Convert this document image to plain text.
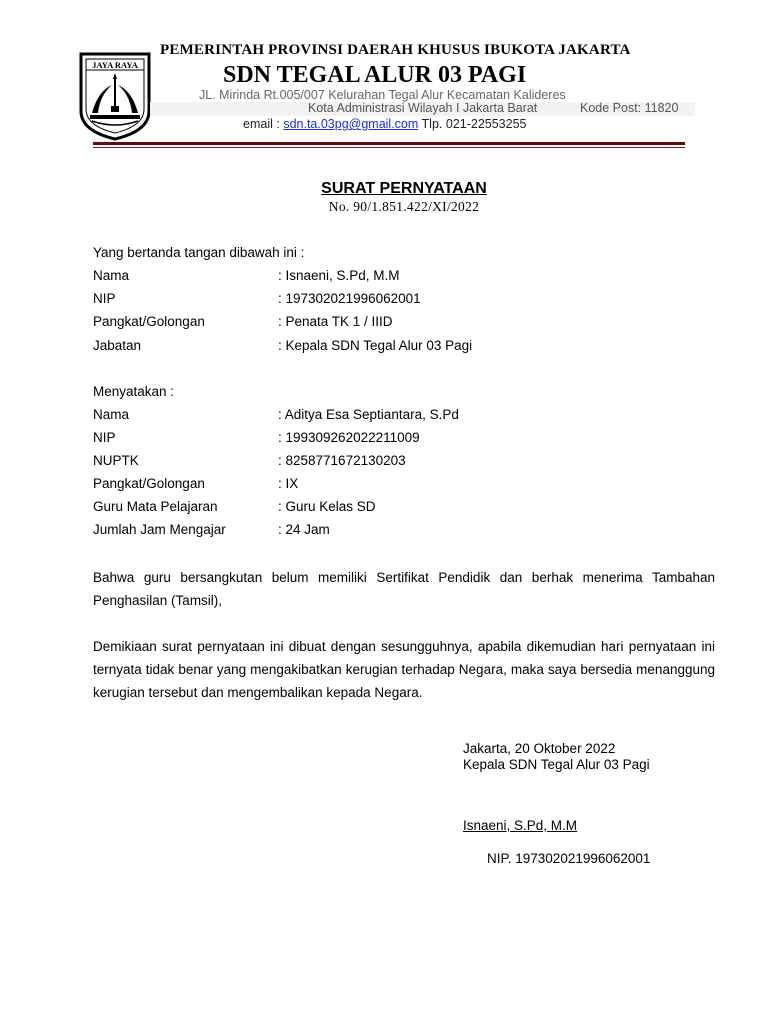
JAYA RAYA
PEMERINTAH PROVINSI DAERAH KHUSUS IBUKOTA JAKARTA
SDN TEGAL ALUR 03 PAGI
JL. Mirinda Rt.005/007 Kelurahan Tegal Alur Kecamatan Kalideres
Kota Administrasi Wilayah I Jakarta Barat	Kode Post: 11820
email : sdn.ta.03pg@gmail.com Tlp. 021-22553255
SURAT PERNYATAAN
No. 90/1.851.422/XI/2022
Yang bertanda tangan dibawah ini :
Nama	: Isnaeni, S.Pd, M.M
NIP	: 197302021996062001
Pangkat/Golongan	: Penata TK 1 / IIID
Jabatan	: Kepala SDN Tegal Alur 03 Pagi
Menyatakan :
Nama	: Aditya Esa Septiantara, S.Pd
NIP	: 199309262022211009
NUPTK	: 8258771672130203
Pangkat/Golongan	: IX
Guru Mata Pelajaran	: Guru Kelas SD
Jumlah Jam Mengajar	: 24 Jam
Bahwa guru bersangkutan belum memiliki Sertifikat Pendidik dan berhak menerima Tambahan Penghasilan (Tamsil),
Demikiaan surat pernyataan ini dibuat dengan sesungguhnya, apabila dikemudian hari pernyataan ini ternyata tidak benar yang mengakibatkan kerugian terhadap Negara, maka saya bersedia menanggung kerugian tersebut dan mengembalikan kepada Negara.
Jakarta, 20 Oktober 2022
Kepala SDN Tegal Alur 03 Pagi
Isnaeni, S.Pd, M.M
NIP. 197302021996062001
